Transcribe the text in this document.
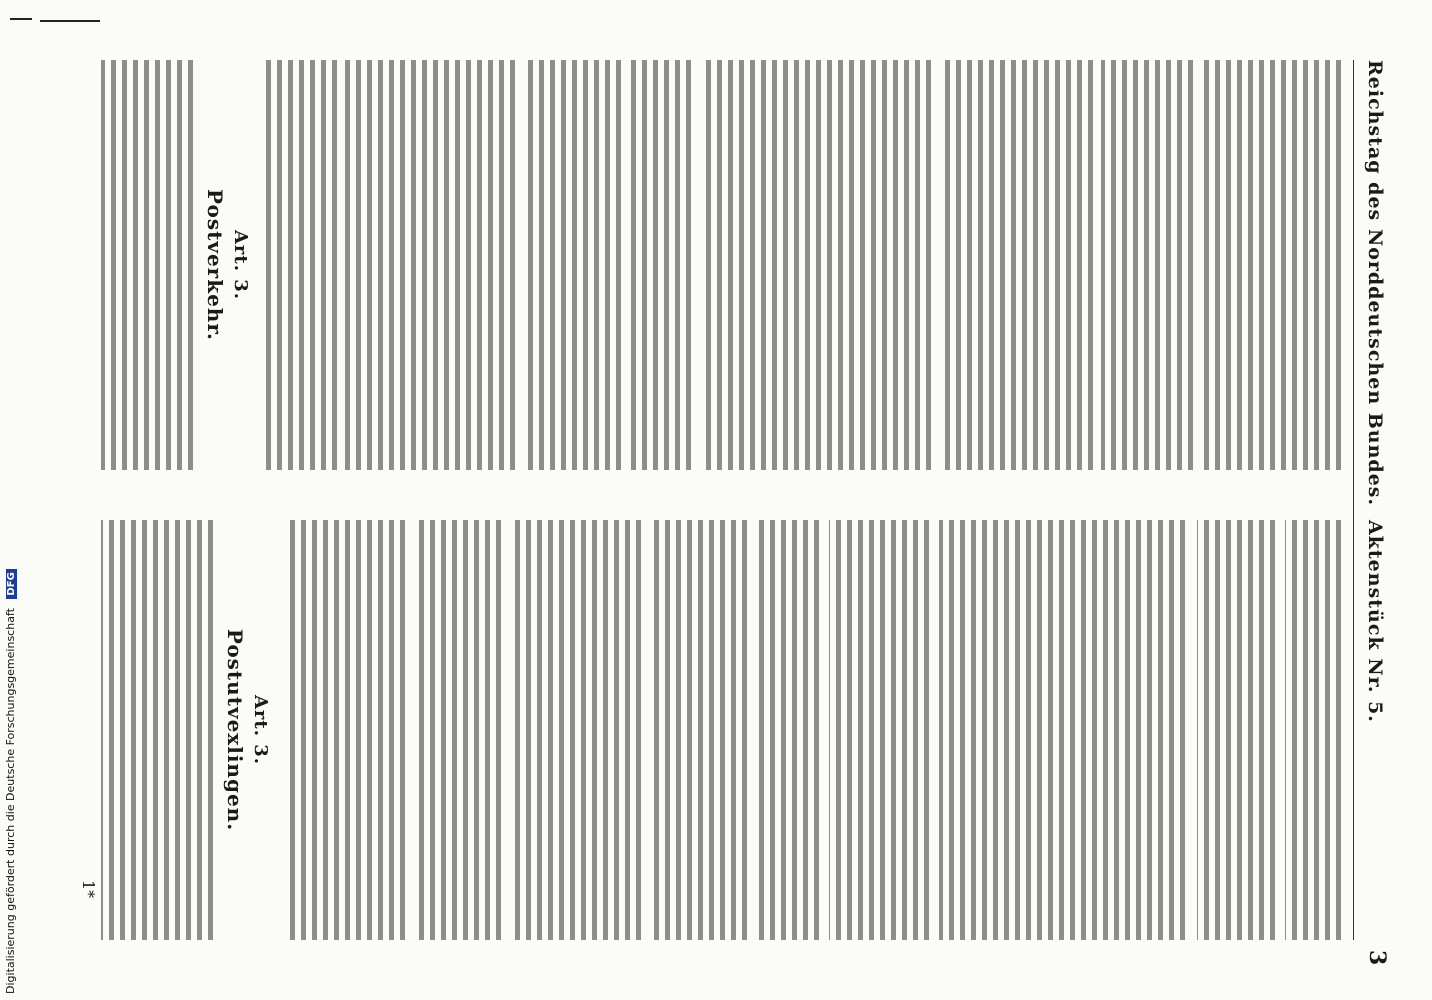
Reichstag des Norddeutschen Bundes.
Aktenstück Nr. 5.
3
Art. 3.
Postverkehr.
Art. 3.
Postutvexlingen.
1*
Digitalisierung gefördert durch die Deutsche Forschungsgemeinschaft DFG
